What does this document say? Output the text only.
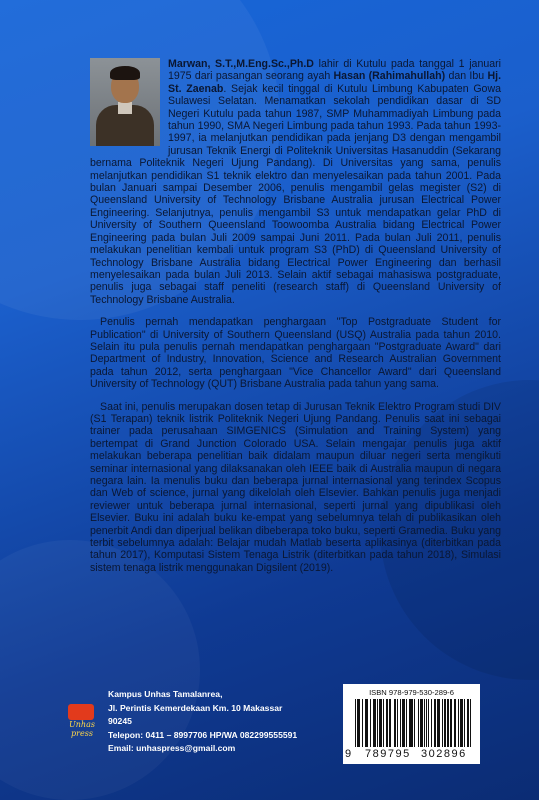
Marwan, S.T.,M.Eng.Sc.,Ph.D lahir di Kutulu pada tanggal 1 januari 1975 dari pasangan seorang ayah Hasan (Rahimahullah) dan Ibu Hj. St. Zaenab. Sejak kecil tinggal di Kutulu Limbung Kabupaten Gowa Sulawesi Selatan. Menamatkan sekolah pendidikan dasar di SD Negeri Kutulu pada tahun 1987, SMP Muhammadiyah Limbung pada tahun 1990, SMA Negeri Limbung pada tahun 1993. Pada tahun 1993-1997, ia melanjutkan pendidikan pada jenjang D3 dengan mengambil jurusan Teknik Energi di Politeknik Universitas Hasanuddin (Sekarang bernama Politeknik Negeri Ujung Pandang). Di Universitas yang sama, penulis melanjutkan pendidikan S1 teknik elektro dan menyelesaikan pada tahun 2001. Pada bulan Januari sampai Desember 2006, penulis mengambil gelas megister (S2) di Queensland University of Technology Brisbane Australia jurusan Electrical Power Engineering. Selanjutnya, penulis mengambil S3 untuk mendapatkan gelar PhD di University of Southern Queensland Toowoomba Australia bidang Electrical Power Engineering pada bulan Juli 2009 sampai Juni 2011. Pada bulan Juli 2011, penulis melakukan penelitian kembali untuk program S3 (PhD) di Queensland University of Technology Brisbane Australia bidang Electrical Power Engineering dan berhasil menyelesaikan pada bulan Juli 2013. Selain aktif sebagai mahasiswa postgraduate, penulis juga sebagai staff peneliti (research staff) di Queensland University of Technology Brisbane Australia.

Penulis pernah mendapatkan penghargaan "Top Postgraduate Student for Publication" di University of Southern Queensland (USQ) Australia pada tahun 2010. Selain itu pula penulis pernah mendapatkan penghargaan "Postgraduate Award" dari Department of Industry, Innovation, Science and Research Australian Government pada tahun 2012, serta penghargaan "Vice Chancellor Award" dari Queensland University of Technology (QUT) Brisbane Australia pada tahun yang sama.

Saat ini, penulis merupakan dosen tetap di Jurusan Teknik Elektro Program studi DIV (S1 Terapan) teknik listrik Politeknik Negeri Ujung Pandang. Penulis saat ini sebagai trainer pada perusahaan SIMGENICS (Simulation and Training System) yang bertempat di Grand Junction Colorado USA. Selain mengajar penulis juga aktif melakukan beberapa penelitian baik didalam maupun diluar negeri serta mengikuti seminar internasional yang dilaksanakan oleh IEEE baik di Australia maupun di negara negara lain. Ia menulis buku dan beberapa jurnal internasional yang terindex Scopus dan Web of science, jurnal yang dikelolah oleh Elsevier. Bahkan penulis juga menjadi reviewer untuk beberapa jurnal internasional, seperti jurnal yang dipublikasi oleh Elsevier. Buku ini adalah buku ke-empat yang sebelumnya telah di publikasikan oleh penerbit Andi dan diperjual belikan dibeberapa toko buku, seperti Gramedia. Buku yang terbit sebelumnya adalah: Belajar mudah Matlab beserta aplikasinya (diterbitkan pada tahun 2017), Komputasi Sistem Tenaga Listrik (diterbitkan pada tahun 2018), Simulasi sistem tenaga listrik menggunakan Digsilent (2019).

Unhas press
Kampus Unhas Tamalanrea,
Jl. Perintis Kemerdekaan Km. 10 Makassar 90245
Telepon: 0411 – 8997706 HP/WA 082299555591
Email: unhaspress@gmail.com
ISBN 978-979-530-289-6
9 789795 302896
